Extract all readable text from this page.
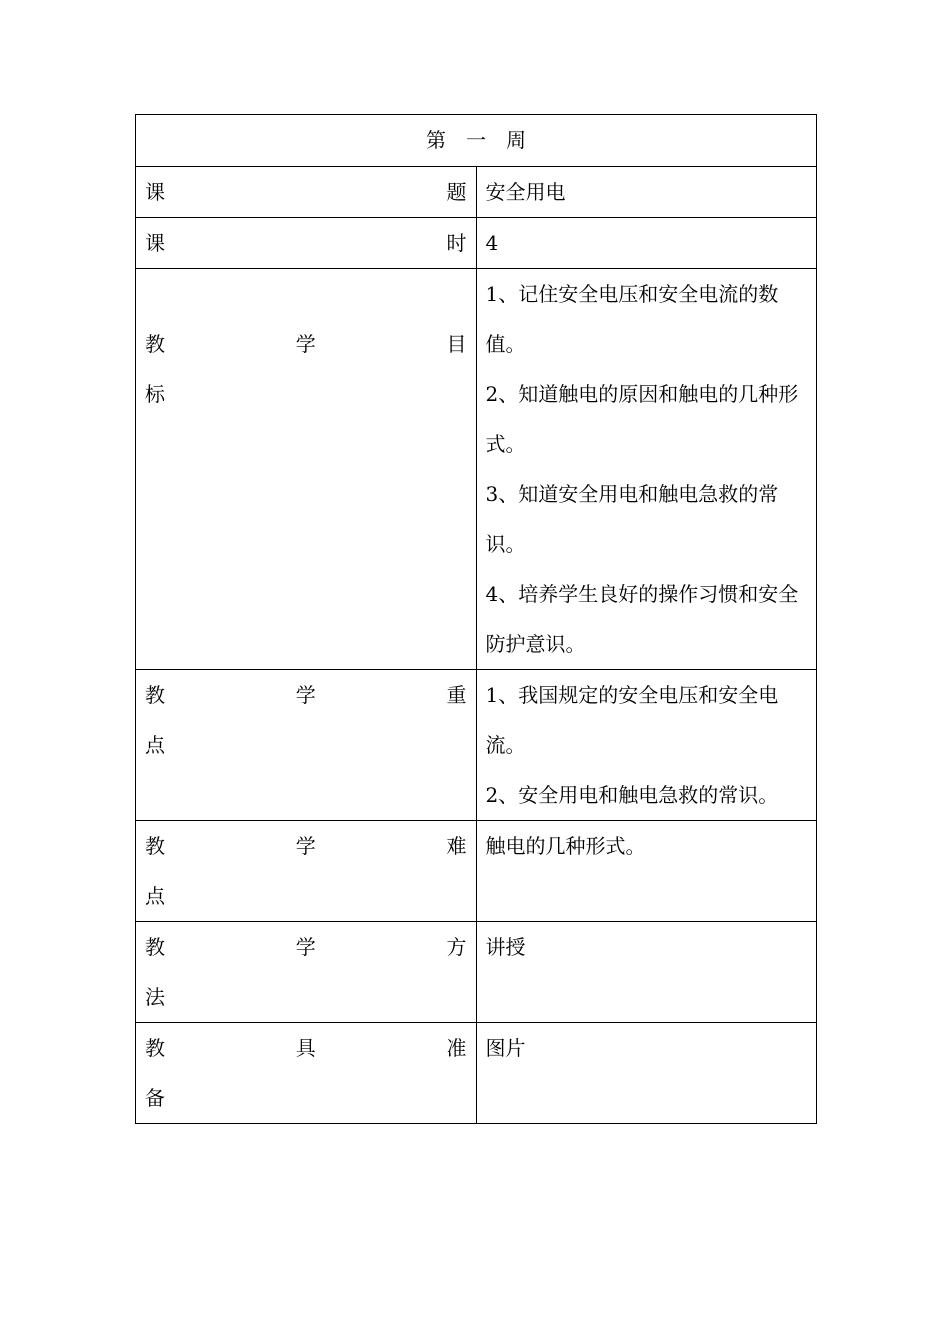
第　一　周	

课　　题	安全用电

课　　时	4

教　学　目
标	1、记住安全电压和安全电流的数值。
2、知道触电的原因和触电的几种形式。
3、知道安全用电和触电急救的常识。
4、培养学生良好的操作习惯和安全防护意识。

教　学　重
点	1、我国规定的安全电压和安全电流。
2、安全用电和触电急救的常识。

教　学　难
点	触电的几种形式。

教　学　方
法	讲授

教　具　准
备	图片
